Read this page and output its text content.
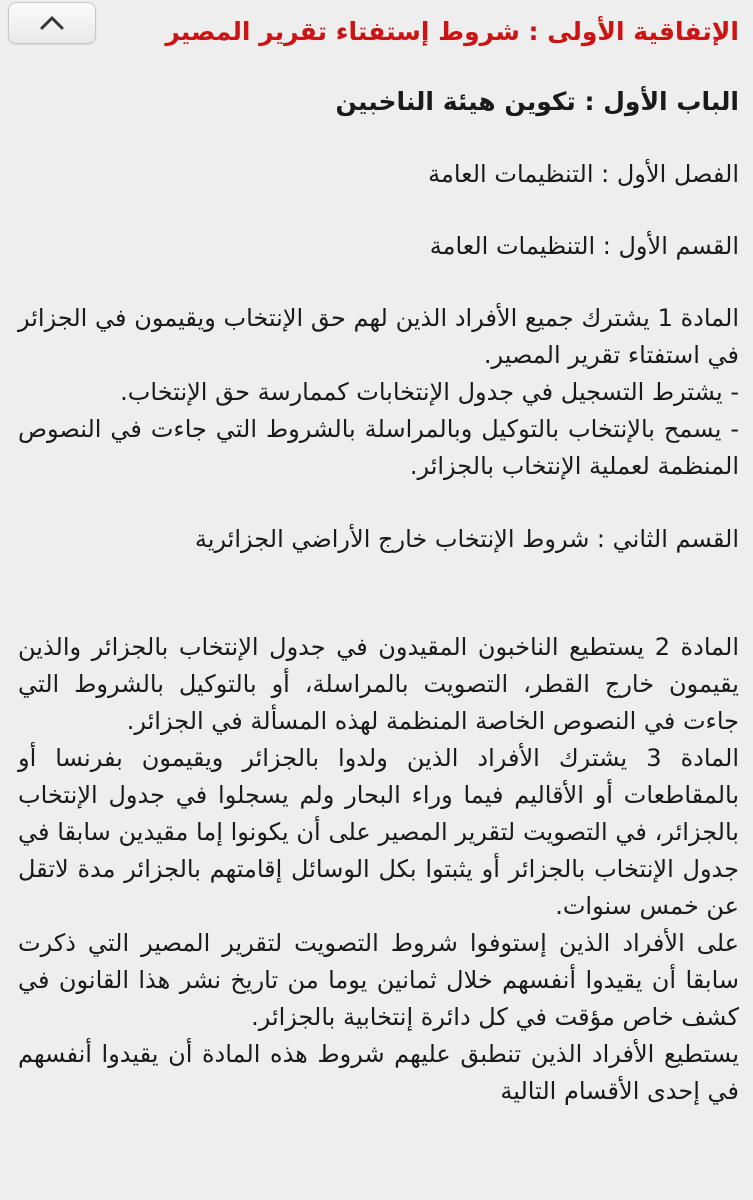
الإتفاقية الأولى : شروط إستفتاء تقرير المصير
الباب الأول : تكوين هيئة الناخبين
الفصل الأول : التنظيمات العامة
القسم الأول : التنظيمات العامة

المادة 1 يشترك جميع الأفراد الذين لهم حق الإنتخاب ويقيمون في الجزائر في استفتاء تقرير المصير.

- يشترط التسجيل في جدول الإنتخابات كممارسة حق الإنتخاب.

- يسمح بالإنتخاب بالتوكيل وبالمراسلة بالشروط التي جاءت في النصوص المنظمة لعملية الإنتخاب بالجزائر.

القسم الثاني : شروط الإنتخاب خارج الأراضي الجزائرية

المادة 2 يستطيع الناخبون المقيدون في جدول الإنتخاب بالجزائر والذين يقيمون خارج القطر، التصويت بالمراسلة، أو بالتوكيل بالشروط التي جاءت في النصوص الخاصة المنظمة لهذه المسألة في الجزائر.

المادة 3 يشترك الأفراد الذين ولدوا بالجزائر ويقيمون بفرنسا أو بالمقاطعات أو الأقاليم فيما وراء البحار ولم يسجلوا في جدول الإنتخاب بالجزائر، في التصويت لتقرير المصير على أن يكونوا إما مقيدين سابقا في جدول الإنتخاب بالجزائر أو يثبتوا بكل الوسائل إقامتهم بالجزائر مدة لاتقل عن خمس سنوات.

على الأفراد الذين إستوفوا شروط التصويت لتقرير المصير التي ذكرت سابقا أن يقيدوا أنفسهم خلال ثمانين يوما من تاريخ نشر هذا القانون في كشف خاص مؤقت في كل دائرة إنتخابية بالجزائر.

يستطيع الأفراد الذين تنطبق عليهم شروط هذه المادة أن يقيدوا أنفسهم في إحدى الأقسام التالية
